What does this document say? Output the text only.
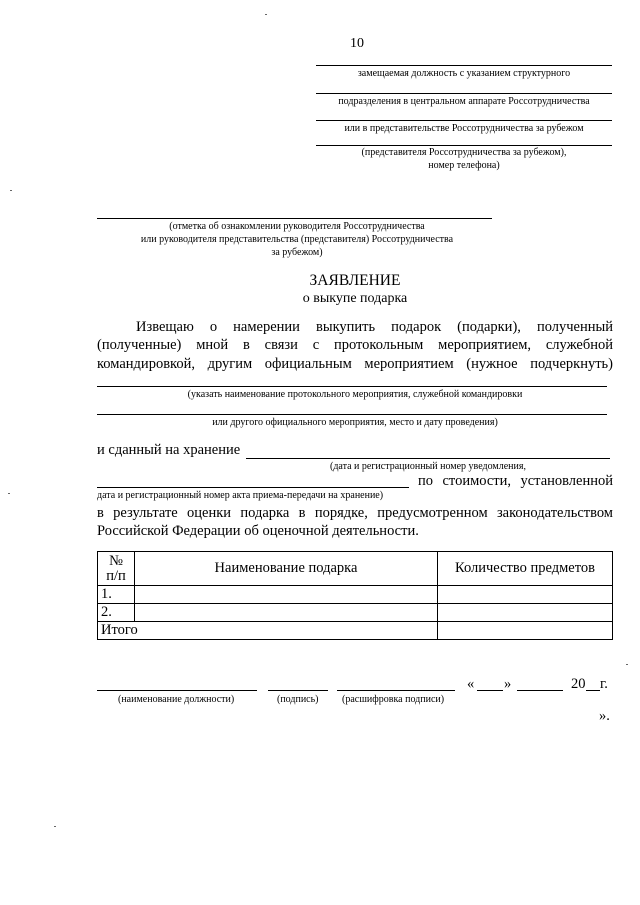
10
замещаемая должность с указанием структурного
подразделения в центральном аппарате Россотрудничества
или в представительстве Россотрудничества за рубежом
(представителя Россотрудничества за рубежом),
номер телефона)
(отметка об ознакомлении руководителя Россотрудничества
или руководителя представительства (представителя) Россотрудничества
за рубежом)
ЗАЯВЛЕНИЕ
о выкупе подарка
Извещаю о намерении выкупить подарок (подарки), полученный
(полученные) мной в связи с протокольным мероприятием, служебной
командировкой, другим официальным мероприятием (нужное подчеркнуть)
(указать наименование протокольного мероприятия, служебной командировки
или другого официального мероприятия, место и дату проведения)
и сданный на хранение
(дата и регистрационный номер уведомления,
по стоимости, установленной
дата и регистрационный номер акта приема-передачи на хранение)
в результате оценки подарка в порядке, предусмотренном законодательством
Российской Федерации об оценочной деятельности.
№
п/п	Наименование подарка	Количество предметов
1.		
2.		
Итого		
« »	20 г.
(наименование должности)	(подпись) (расшифровка подписи)
».
